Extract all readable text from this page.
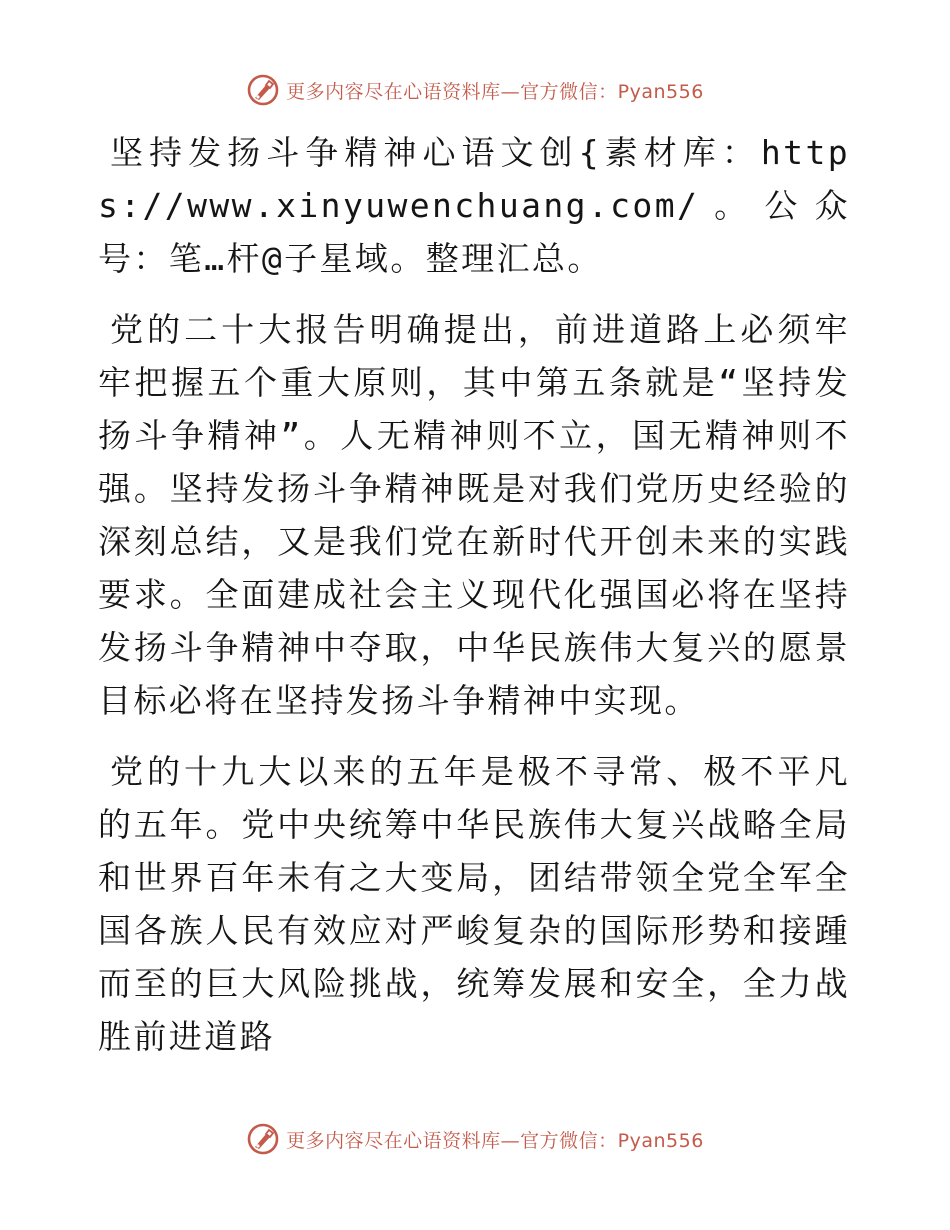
更多内容尽在心语资料库—官方微信：Pyan556

坚持发扬斗争精神心语文创{素材库：https://www.xinyuwenchuang.com/。公众号：笔…杆@子星域。整理汇总。

党的二十大报告明确提出，前进道路上必须牢牢把握五个重大原则，其中第五条就是“坚持发扬斗争精神”。人无精神则不立，国无精神则不强。坚持发扬斗争精神既是对我们党历史经验的深刻总结，又是我们党在新时代开创未来的实践要求。全面建成社会主义现代化强国必将在坚持发扬斗争精神中夺取，中华民族伟大复兴的愿景目标必将在坚持发扬斗争精神中实现。

党的十九大以来的五年是极不寻常、极不平凡的五年。党中央统筹中华民族伟大复兴战略全局和世界百年未有之大变局，团结带领全党全军全国各族人民有效应对严峻复杂的国际形势和接踵而至的巨大风险挑战，统筹发展和安全，全力战胜前进道路

更多内容尽在心语资料库—官方微信：Pyan556
